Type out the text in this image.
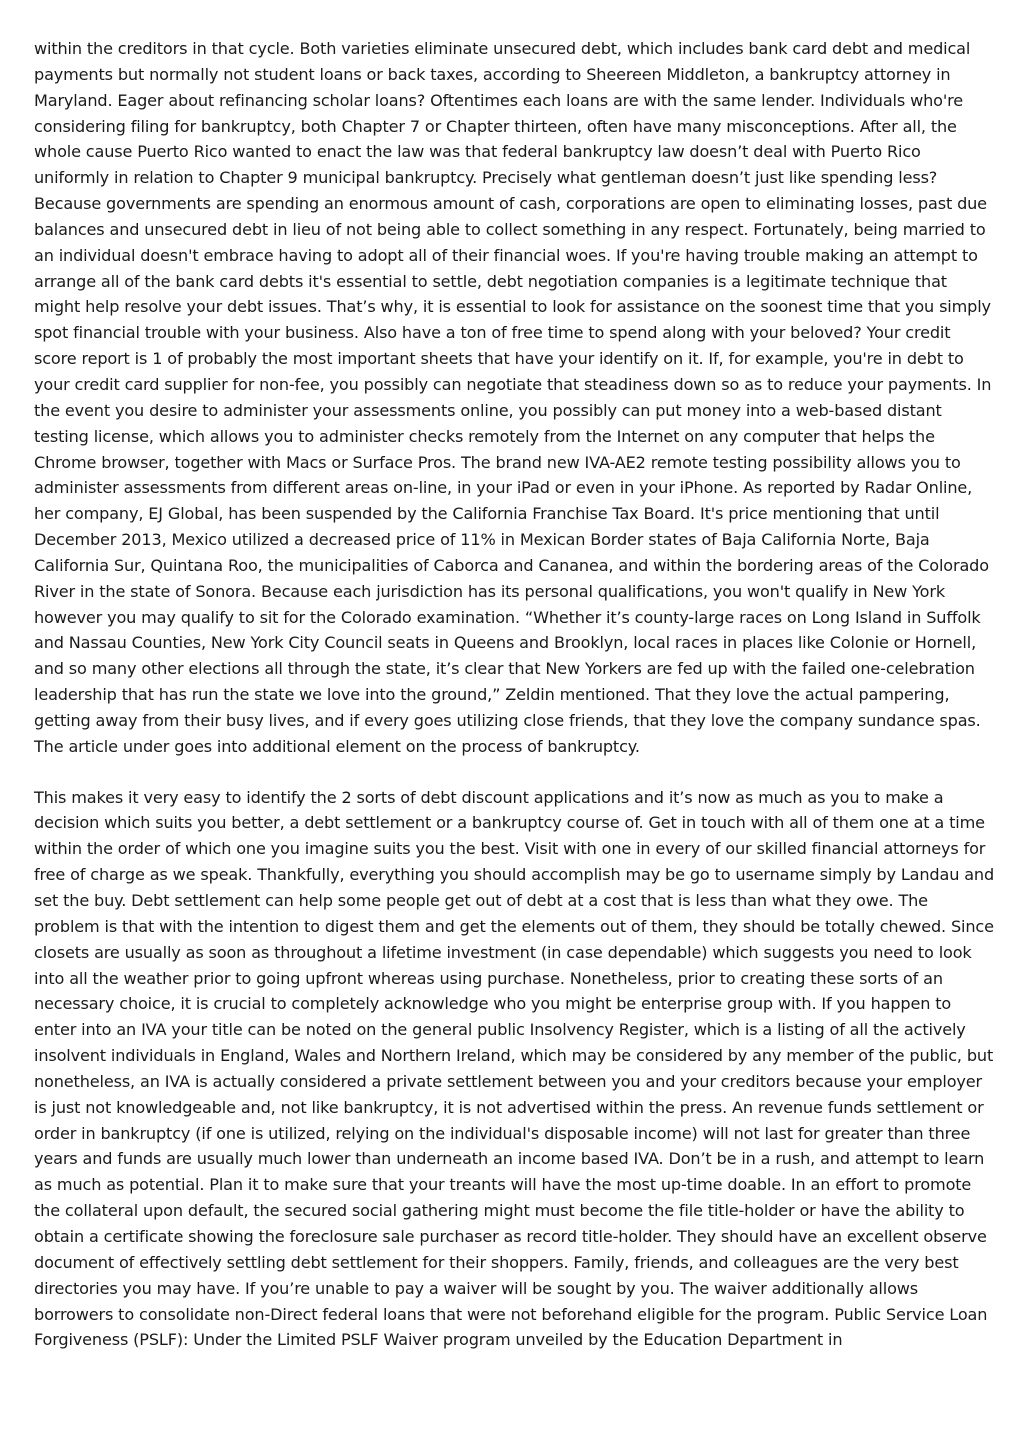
within the creditors in that cycle. Both varieties eliminate unsecured debt, which includes bank card debt and medical payments but normally not student loans or back taxes, according to Sheereen Middleton, a bankruptcy attorney in Maryland. Eager about refinancing scholar loans? Oftentimes each loans are with the same lender. Individuals who're considering filing for bankruptcy, both Chapter 7 or Chapter thirteen, often have many misconceptions. After all, the whole cause Puerto Rico wanted to enact the law was that federal bankruptcy law doesn’t deal with Puerto Rico uniformly in relation to Chapter 9 municipal bankruptcy. Precisely what gentleman doesn’t just like spending less? Because governments are spending an enormous amount of cash, corporations are open to eliminating losses, past due balances and unsecured debt in lieu of not being able to collect something in any respect. Fortunately, being married to an individual doesn't embrace having to adopt all of their financial woes. If you're having trouble making an attempt to arrange all of the bank card debts it's essential to settle, debt negotiation companies is a legitimate technique that might help resolve your debt issues. That’s why, it is essential to look for assistance on the soonest time that you simply spot financial trouble with your business. Also have a ton of free time to spend along with your beloved? Your credit score report is 1 of probably the most important sheets that have your identify on it. If, for example, you're in debt to your credit card supplier for non-fee, you possibly can negotiate that steadiness down so as to reduce your payments. In the event you desire to administer your assessments online, you possibly can put money into a web-based distant testing license, which allows you to administer checks remotely from the Internet on any computer that helps the Chrome browser, together with Macs or Surface Pros. The brand new IVA-AE2 remote testing possibility allows you to administer assessments from different areas on-line, in your iPad or even in your iPhone. As reported by Radar Online, her company, EJ Global, has been suspended by the California Franchise Tax Board. It's price mentioning that until December 2013, Mexico utilized a decreased price of 11% in Mexican Border states of Baja California Norte, Baja California Sur, Quintana Roo, the municipalities of Caborca and Cananea, and within the bordering areas of the Colorado River in the state of Sonora. Because each jurisdiction has its personal qualifications, you won't qualify in New York however you may qualify to sit for the Colorado examination. “Whether it’s county-large races on Long Island in Suffolk and Nassau Counties, New York City Council seats in Queens and Brooklyn, local races in places like Colonie or Hornell, and so many other elections all through the state, it’s clear that New Yorkers are fed up with the failed one-celebration leadership that has run the state we love into the ground,” Zeldin mentioned. That they love the actual pampering, getting away from their busy lives, and if every goes utilizing close friends, that they love the company sundance spas. The article under goes into additional element on the process of bankruptcy.

This makes it very easy to identify the 2 sorts of debt discount applications and it’s now as much as you to make a decision which suits you better, a debt settlement or a bankruptcy course of. Get in touch with all of them one at a time within the order of which one you imagine suits you the best. Visit with one in every of our skilled financial attorneys for free of charge as we speak. Thankfully, everything you should accomplish may be go to username simply by Landau and set the buy. Debt settlement can help some people get out of debt at a cost that is less than what they owe. The problem is that with the intention to digest them and get the elements out of them, they should be totally chewed. Since closets are usually as soon as throughout a lifetime investment (in case dependable) which suggests you need to look into all the weather prior to going upfront whereas using purchase. Nonetheless, prior to creating these sorts of an necessary choice, it is crucial to completely acknowledge who you might be enterprise group with. If you happen to enter into an IVA your title can be noted on the general public Insolvency Register, which is a listing of all the actively insolvent individuals in England, Wales and Northern Ireland, which may be considered by any member of the public, but nonetheless, an IVA is actually considered a private settlement between you and your creditors because your employer is just not knowledgeable and, not like bankruptcy, it is not advertised within the press. An revenue funds settlement or order in bankruptcy (if one is utilized, relying on the individual's disposable income) will not last for greater than three years and funds are usually much lower than underneath an income based IVA. Don’t be in a rush, and attempt to learn as much as potential. Plan it to make sure that your treants will have the most up-time doable. In an effort to promote the collateral upon default, the secured social gathering might must become the file title-holder or have the ability to obtain a certificate showing the foreclosure sale purchaser as record title-holder. They should have an excellent observe document of effectively settling debt settlement for their shoppers. Family, friends, and colleagues are the very best directories you may have. If you’re unable to pay a waiver will be sought by you. The waiver additionally allows borrowers to consolidate non-Direct federal loans that were not beforehand eligible for the program. Public Service Loan Forgiveness (PSLF): Under the Limited PSLF Waiver program unveiled by the Education Department in
